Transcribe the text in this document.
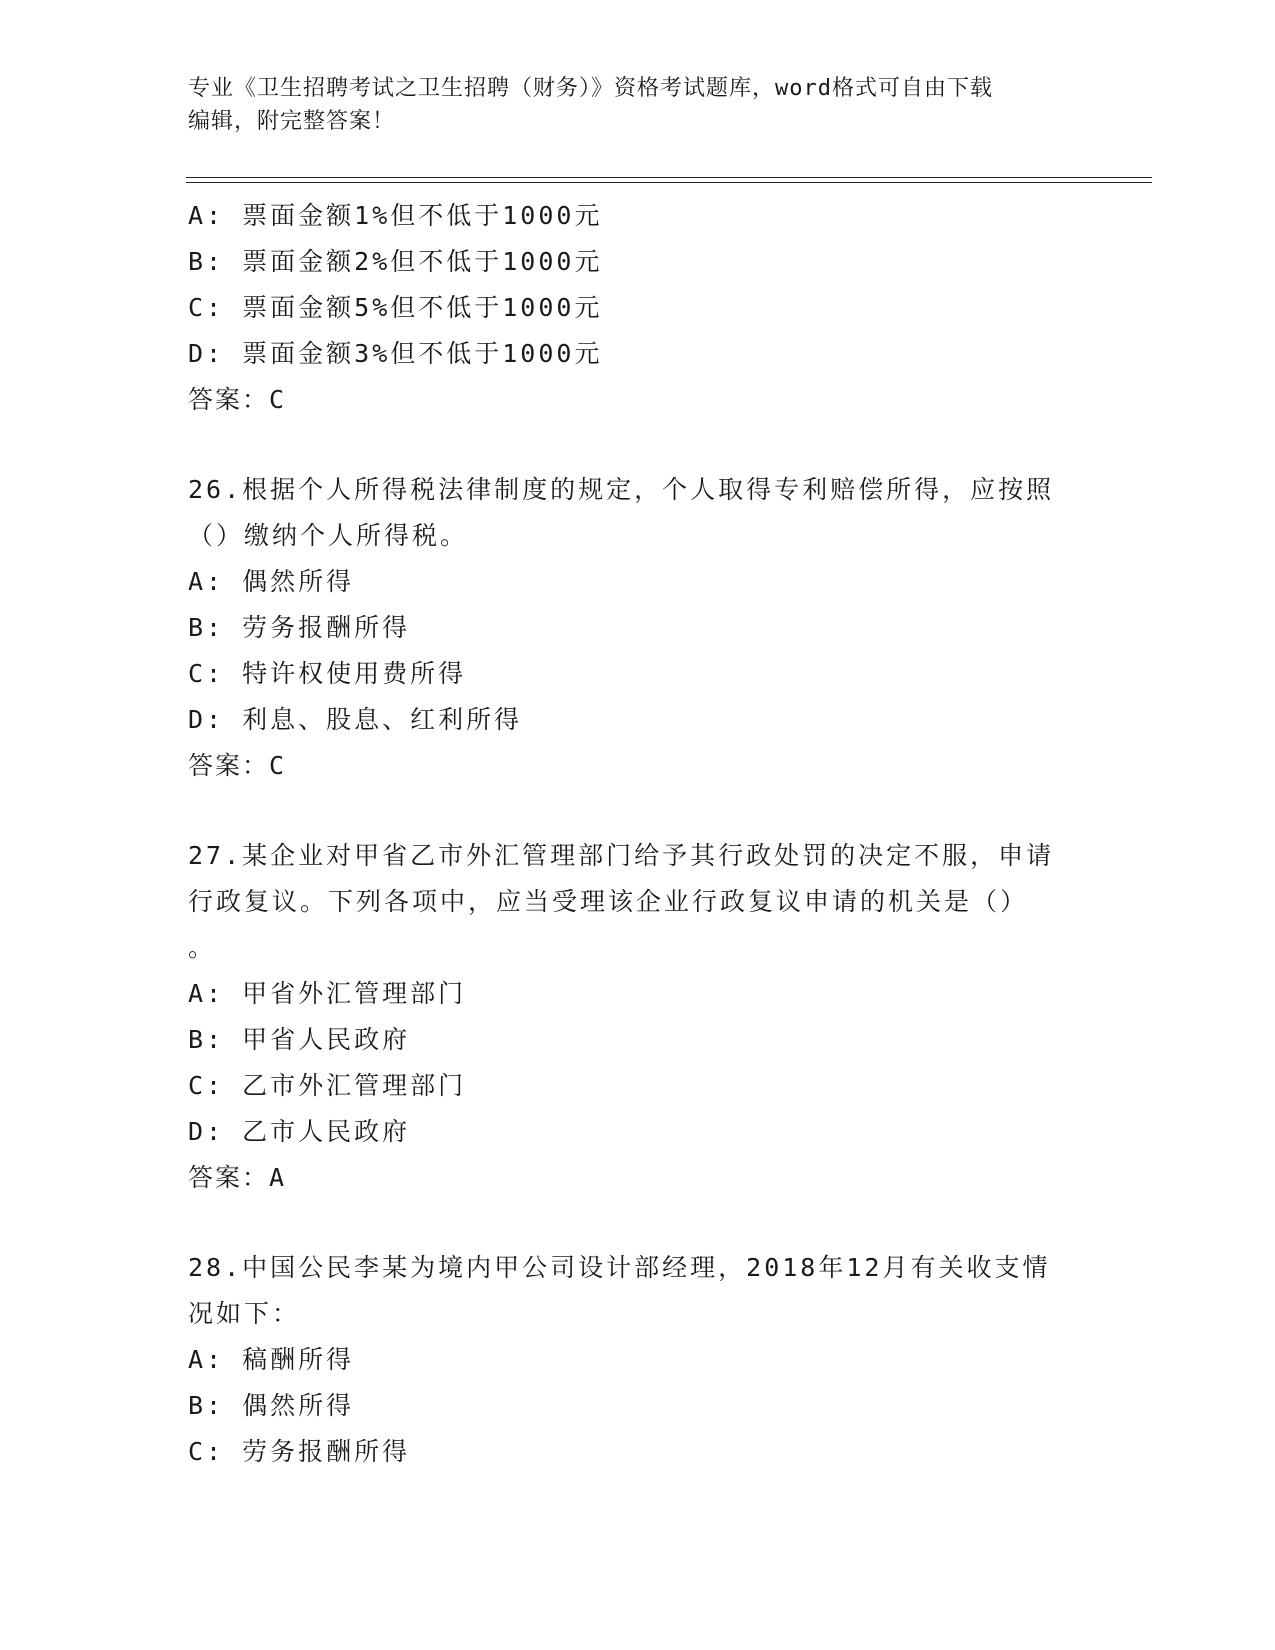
专业《卫生招聘考试之卫生招聘（财务）》资格考试题库，word格式可自由下载
编辑，附完整答案！
A: 票面金额1%但不低于1000元
B: 票面金额2%但不低于1000元
C: 票面金额5%但不低于1000元
D: 票面金额3%但不低于1000元
答案：C
26.根据个人所得税法律制度的规定，个人取得专利赔偿所得，应按照（）缴纳个人所得税。
A: 偶然所得
B: 劳务报酬所得
C: 特许权使用费所得
D: 利息、股息、红利所得
答案：C
27.某企业对甲省乙市外汇管理部门给予其行政处罚的决定不服，申请
行政复议。下列各项中，应当受理该企业行政复议申请的机关是（）
。
A: 甲省外汇管理部门
B: 甲省人民政府
C: 乙市外汇管理部门
D: 乙市人民政府
答案：A
28.中国公民李某为境内甲公司设计部经理，2018年12月有关收支情
况如下：
A: 稿酬所得
B: 偶然所得
C: 劳务报酬所得
